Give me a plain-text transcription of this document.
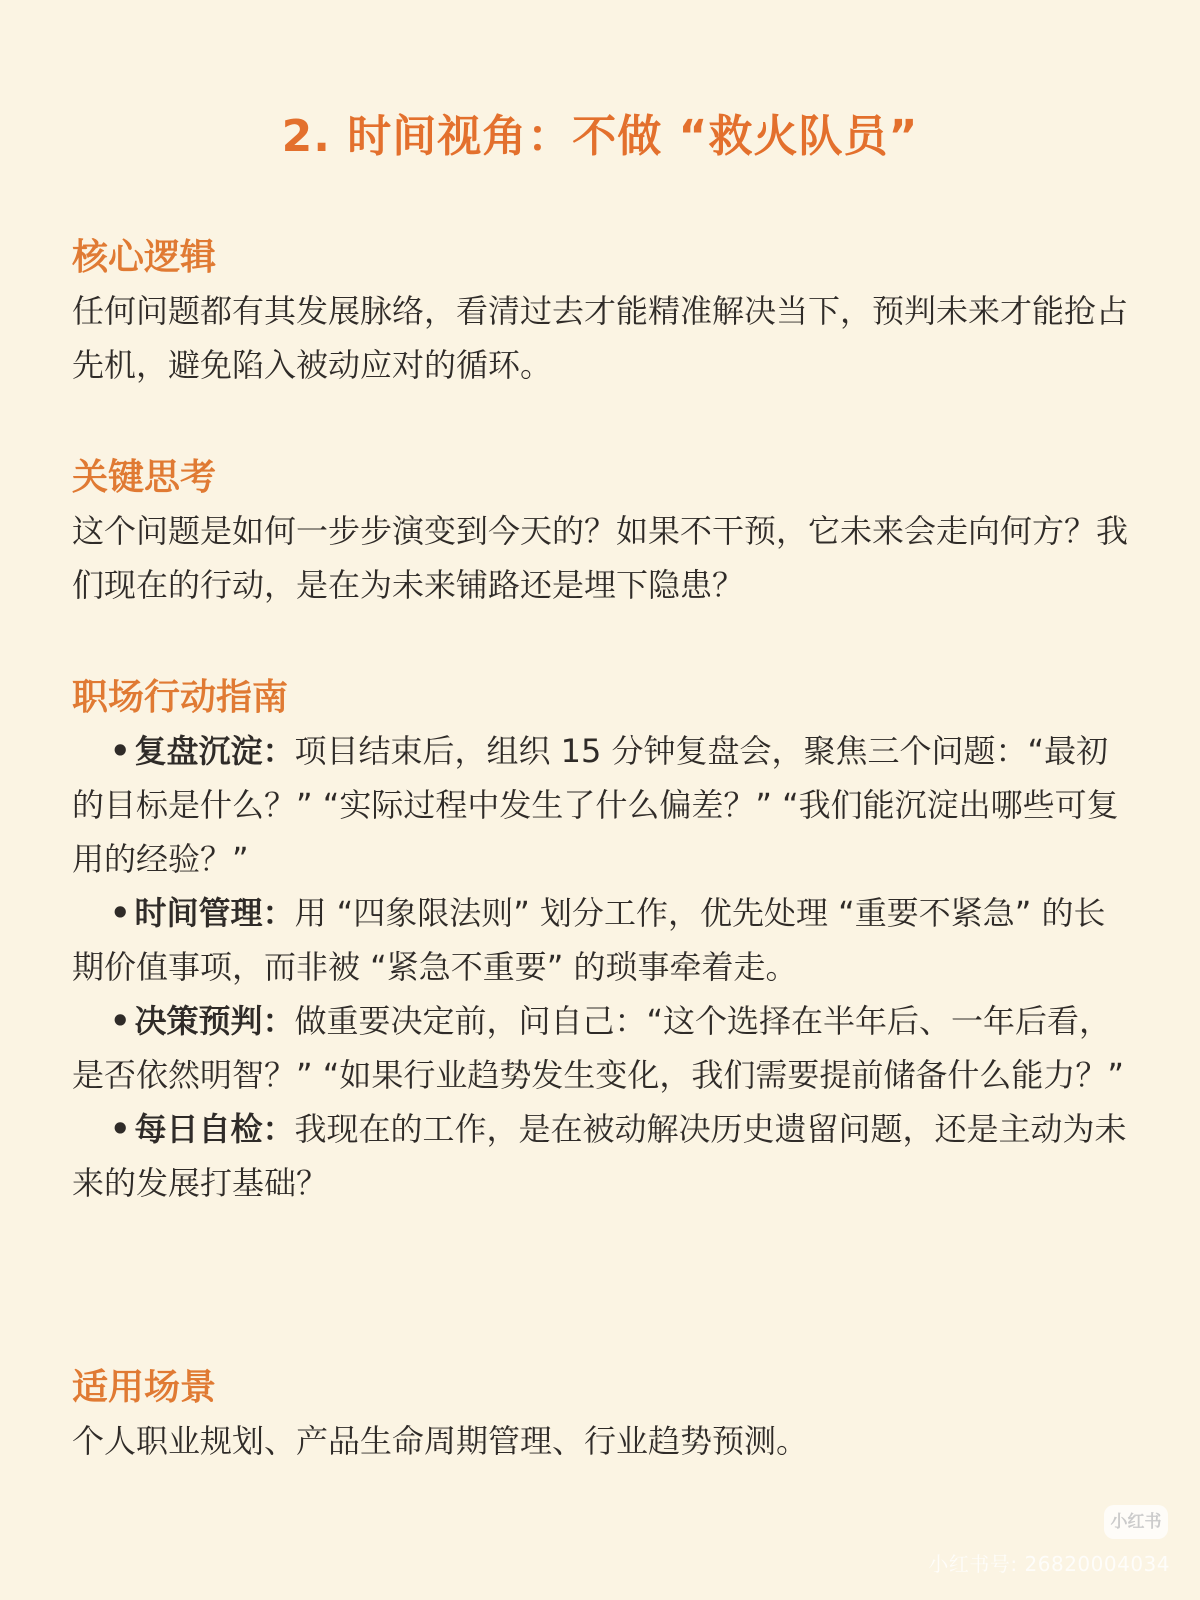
2. 时间视角：不做 “救火队员”

核心逻辑

任何问题都有其发展脉络，看清过去才能精准解决当下，预判未来才能抢占先机，避免陷入被动应对的循环。

关键思考

这个问题是如何一步步演变到今天的？如果不干预，它未来会走向何方？我们现在的行动，是在为未来铺路还是埋下隐患？

职场行动指南

• 复盘沉淀：项目结束后，组织 15 分钟复盘会，聚焦三个问题：“最初的目标是什么？” “实际过程中发生了什么偏差？” “我们能沉淀出哪些可复用的经验？”

• 时间管理：用 “四象限法则” 划分工作，优先处理 “重要不紧急” 的长期价值事项，而非被 “紧急不重要” 的琐事牵着走。

• 决策预判：做重要决定前，问自己：“这个选择在半年后、一年后看，是否依然明智？” “如果行业趋势发生变化，我们需要提前储备什么能力？”

• 每日自检：我现在的工作，是在被动解决历史遗留问题，还是主动为未来的发展打基础？

适用场景

个人职业规划、产品生命周期管理、行业趋势预测。

小红书
小红书号: 26820004034
